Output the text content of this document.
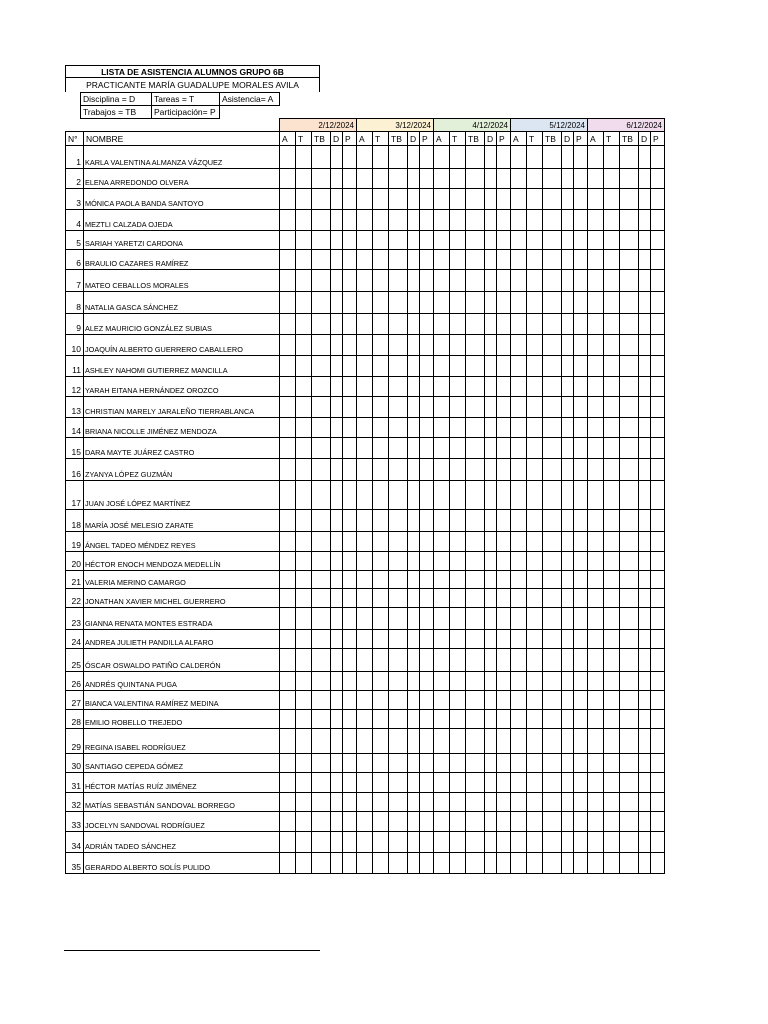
LISTA DE ASISTENCIA ALUMNOS GRUPO 6B
PRACTICANTE MARÍA GUADALUPE MORALES AVILA
Disciplina = D	Tareas = T	Asistencia= A
Trabajos = TB	Participación= P	
		2/12/2024					3/12/2024					4/12/2024					5/12/2024					6/12/2024				
N°	NOMBRE	A	T	TB	D	P	A	T	TB	D	P	A	T	TB	D	P	A	T	TB	D	P	A	T	TB	D	P
1	KARLA VALENTINA ALMANZA VÁZQUEZ																									
2	ELENA ARREDONDO OLVERA																									
3	MÓNICA PAOLA BANDA SANTOYO																									
4	MEZTLI CALZADA OJEDA																									
5	SARIAH YARETZI CARDONA																									
6	BRAULIO CAZARES RAMÍREZ																									
7	MATEO CEBALLOS MORALES																									
8	NATALIA GASCA SÁNCHEZ																									
9	ALEZ MAURICIO GONZÁLEZ SUBIAS																									
10	JOAQUÍN ALBERTO GUERRERO CABALLERO																									
11	ASHLEY NAHOMI GUTIERREZ MANCILLA																									
12	YARAH EITANA HERNÁNDEZ OROZCO																									
13	CHRISTIAN MARELY JARALEÑO TIERRABLANCA																									
14	BRIANA NICOLLE JIMÉNEZ MENDOZA																									
15	DARA MAYTE JUÁREZ CASTRO																									
16	ZYANYA LÓPEZ GUZMÁN																									
17	JUAN JOSÉ LÓPEZ MARTÍNEZ																									
18	MARÍA JOSÉ MELESIO ZARATE																									
19	ÁNGEL TADEO MÉNDEZ REYES																									
20	HÉCTOR ENOCH MENDOZA MEDELLÍN																									
21	VALERIA MERINO CAMARGO																									
22	JONATHAN XAVIER MICHEL GUERRERO																									
23	GIANNA RENATA MONTES ESTRADA																									
24	ANDREA JULIETH PANDILLA ALFARO																									
25	ÓSCAR OSWALDO PATIÑO CALDERÓN																									
26	ANDRÉS QUINTANA PUGA																									
27	BIANCA VALENTINA RAMÍREZ MEDINA																									
28	EMILIO ROBELLO TREJEDO																									
29	REGINA ISABEL RODRÍGUEZ																									
30	SANTIAGO CEPEDA GÓMEZ																									
31	HÉCTOR MATÍAS RUÍZ JIMÉNEZ																									
32	MATÍAS SEBASTIÁN SANDOVAL BORREGO																									
33	JOCELYN SANDOVAL RODRÍGUEZ																									
34	ADRIÁN TADEO SÁNCHEZ																									
35	GERARDO ALBERTO SOLÍS PULIDO																									
